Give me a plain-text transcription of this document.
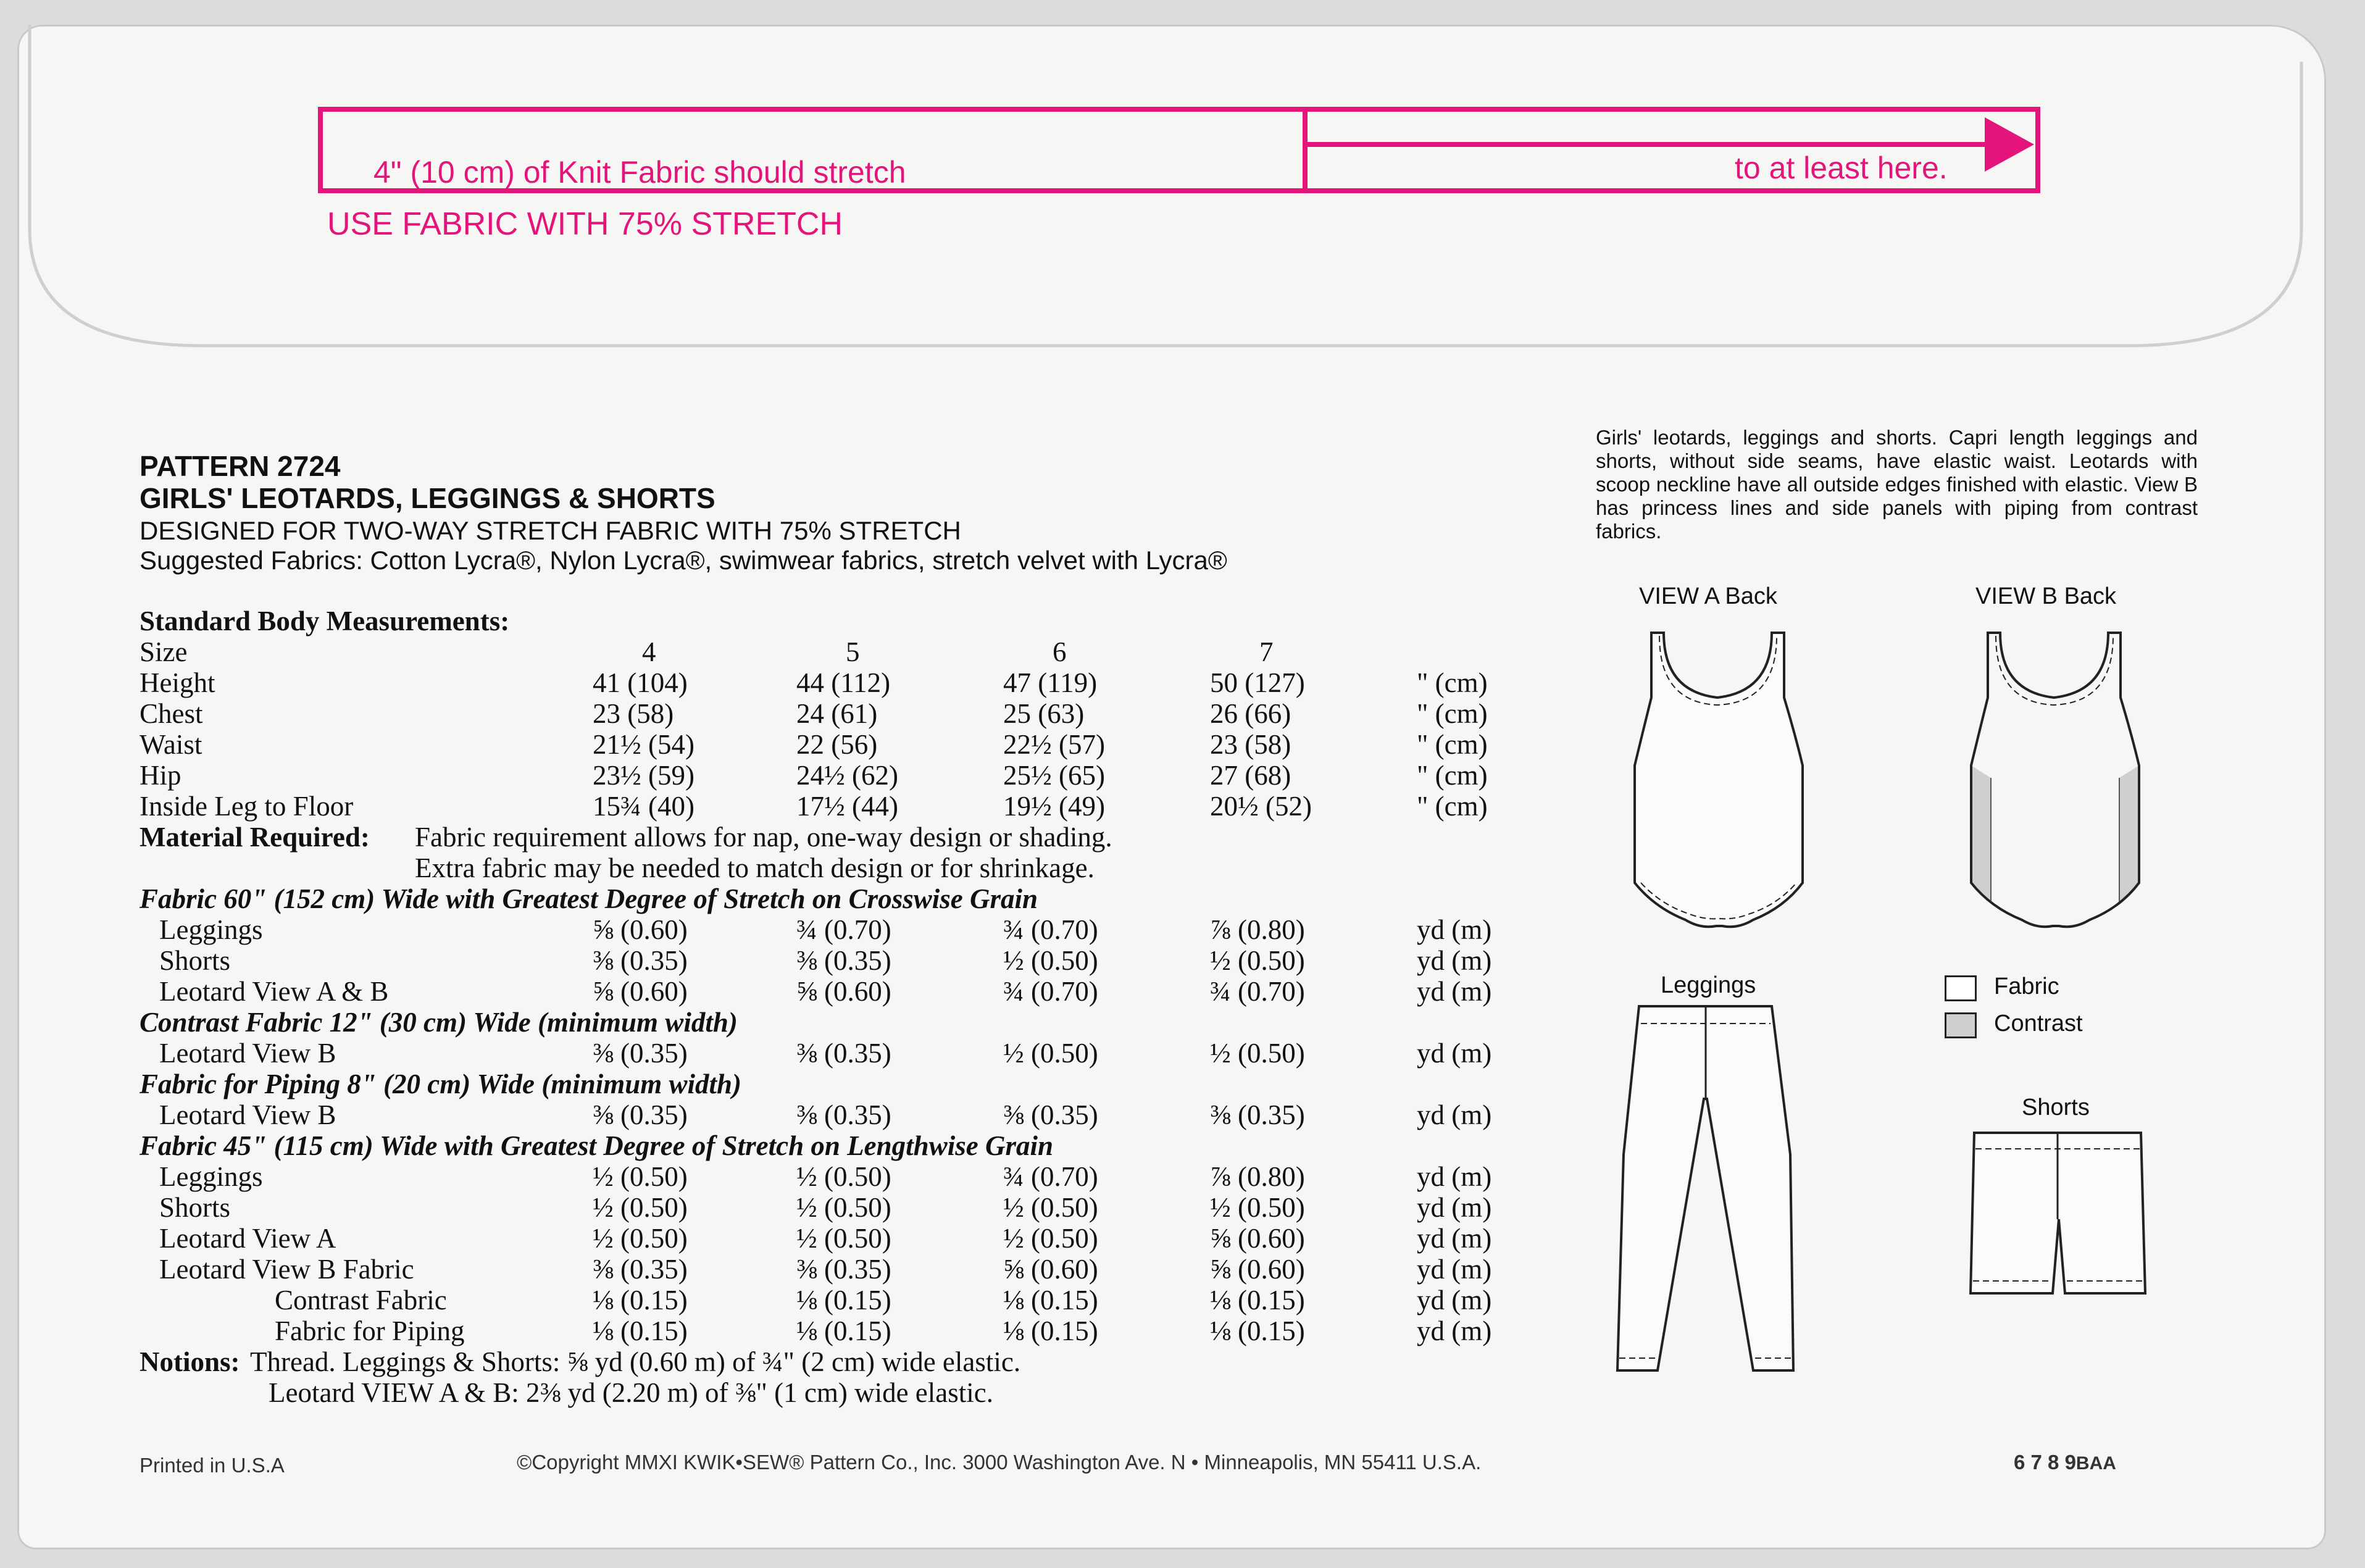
4" (10 cm) of Knit Fabric should stretch	to at least here.
USE FABRIC WITH 75% STRETCH
PATTERN 2724
GIRLS' LEOTARDS, LEGGINGS & SHORTS
DESIGNED FOR TWO-WAY STRETCH FABRIC WITH 75% STRETCH
Suggested Fabrics: Cotton Lycra®, Nylon Lycra®, swimwear fabrics, stretch velvet with Lycra®
Standard Body Measurements:
Size	4	5	6	7
Height	41 (104)	44 (112)	47 (119)	50 (127)	" (cm)
Chest	23 (58)	24 (61)	25 (63)	26 (66)	" (cm)
Waist	21½ (54)	22 (56)	22½ (57)	23 (58)	" (cm)
Hip	23½ (59)	24½ (62)	25½ (65)	27 (68)	" (cm)
Inside Leg to Floor	15¾ (40)	17½ (44)	19½ (49)	20½ (52)	" (cm)
Material Required: Fabric requirement allows for nap, one-way design or shading.
Extra fabric may be needed to match design or for shrinkage.
Fabric 60" (152 cm) Wide with Greatest Degree of Stretch on Crosswise Grain
Leggings	⅝ (0.60)	¾ (0.70)	¾ (0.70)	⅞ (0.80)	yd (m)
Shorts	⅜ (0.35)	⅜ (0.35)	½ (0.50)	½ (0.50)	yd (m)
Leotard View A & B	⅝ (0.60)	⅝ (0.60)	¾ (0.70)	¾ (0.70)	yd (m)
Contrast Fabric 12" (30 cm) Wide (minimum width)
Leotard View B	⅜ (0.35)	⅜ (0.35)	½ (0.50)	½ (0.50)	yd (m)
Fabric for Piping 8" (20 cm) Wide (minimum width)
Leotard View B	⅜ (0.35)	⅜ (0.35)	⅜ (0.35)	⅜ (0.35)	yd (m)
Fabric 45" (115 cm) Wide with Greatest Degree of Stretch on Lengthwise Grain
Leggings	½ (0.50)	½ (0.50)	¾ (0.70)	⅞ (0.80)	yd (m)
Shorts	½ (0.50)	½ (0.50)	½ (0.50)	½ (0.50)	yd (m)
Leotard View A	½ (0.50)	½ (0.50)	½ (0.50)	⅝ (0.60)	yd (m)
Leotard View B Fabric	⅜ (0.35)	⅜ (0.35)	⅝ (0.60)	⅝ (0.60)	yd (m)
Contrast Fabric	⅛ (0.15)	⅛ (0.15)	⅛ (0.15)	⅛ (0.15)	yd (m)
Fabric for Piping	⅛ (0.15)	⅛ (0.15)	⅛ (0.15)	⅛ (0.15)	yd (m)
Notions: Thread. Leggings & Shorts: ⅝ yd (0.60 m) of ¾" (2 cm) wide elastic.
Leotard VIEW A & B: 2⅜ yd (2.20 m) of ⅜" (1 cm) wide elastic.
Girls' leotards, leggings and shorts. Capri length leggings and shorts, without side seams, have elastic waist. Leotards with scoop neckline have all outside edges finished with elastic. View B has princess lines and side panels with piping from contrast fabrics.
VIEW A Back	VIEW B Back
Leggings	Fabric
Contrast
Shorts
Printed in U.S.A	©Copyright MMXI KWIK•SEW® Pattern Co., Inc. 3000 Washington Ave. N • Minneapolis, MN 55411 U.S.A.	6 7 8 9BAA
